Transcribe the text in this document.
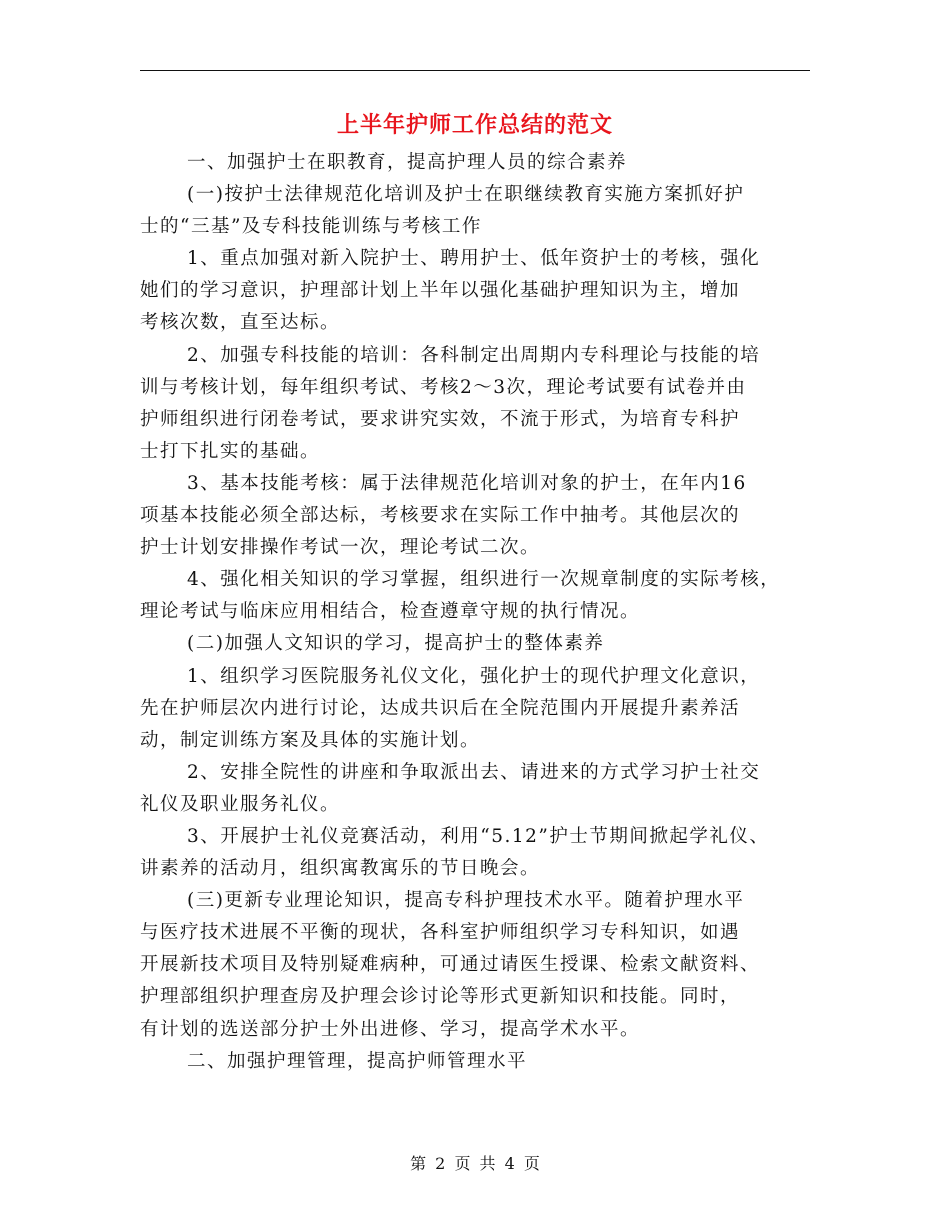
上半年护师工作总结的范文

一、加强护士在职教育，提高护理人员的综合素养

(一)按护士法律规范化培训及护士在职继续教育实施方案抓好护
士的“三基”及专科技能训练与考核工作

1、重点加强对新入院护士、聘用护士、低年资护士的考核，强化
她们的学习意识，护理部计划上半年以强化基础护理知识为主，增加
考核次数，直至达标。

2、加强专科技能的培训：各科制定出周期内专科理论与技能的培
训与考核计划，每年组织考试、考核2～3次，理论考试要有试卷并由
护师组织进行闭卷考试，要求讲究实效，不流于形式，为培育专科护
士打下扎实的基础。

3、基本技能考核：属于法律规范化培训对象的护士，在年内16
项基本技能必须全部达标，考核要求在实际工作中抽考。其他层次的
护士计划安排操作考试一次，理论考试二次。

4、强化相关知识的学习掌握，组织进行一次规章制度的实际考核，
理论考试与临床应用相结合，检查遵章守规的执行情况。

(二)加强人文知识的学习，提高护士的整体素养

1、组织学习医院服务礼仪文化，强化护士的现代护理文化意识，
先在护师层次内进行讨论，达成共识后在全院范围内开展提升素养活
动，制定训练方案及具体的实施计划。

2、安排全院性的讲座和争取派出去、请进来的方式学习护士社交
礼仪及职业服务礼仪。

3、开展护士礼仪竞赛活动，利用“5.12”护士节期间掀起学礼仪、
讲素养的活动月，组织寓教寓乐的节日晚会。

(三)更新专业理论知识，提高专科护理技术水平。随着护理水平
与医疗技术进展不平衡的现状，各科室护师组织学习专科知识，如遇
开展新技术项目及特别疑难病种，可通过请医生授课、检索文献资料、
护理部组织护理查房及护理会诊讨论等形式更新知识和技能。同时，
有计划的选送部分护士外出进修、学习，提高学术水平。

二、加强护理管理，提高护师管理水平

第 2 页 共 4 页
